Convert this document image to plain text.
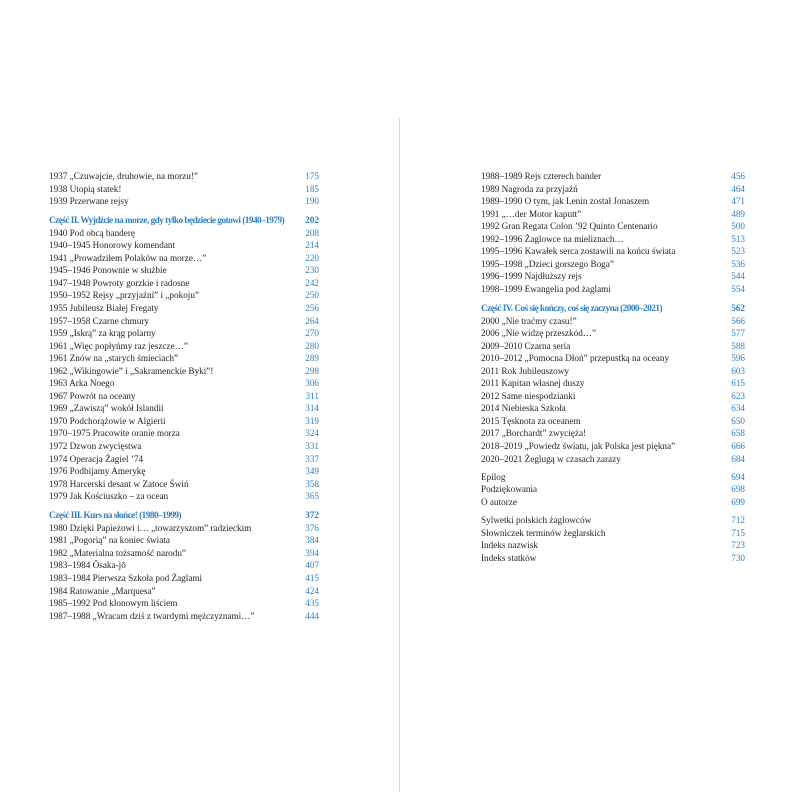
1937 „Czuwajcie, druhowie, na morzu!”	175
1938 Utopią statek!	185
1939 Przerwane rejsy	190
Część II. Wyjdźcie na morze, gdy tylko będziecie gotowi (1940–1979)	202
1940 Pod obcą banderę	208
1940–1945 Honorowy komendant	214
1941 „Prowadziłem Polaków na morze…”	220
1945–1946 Ponownie w służbie	230
1947–1948 Powroty gorzkie i radosne	242
1950–1952 Rejsy „przyjaźni” i „pokoju”	250
1955 Jubileusz Białej Fregaty	256
1957–1958 Czarne chmury	264
1959 „Iskrą” za krąg polarny	270
1961 „Więc popłyńmy raz jeszcze…”	280
1961 Znów na „starych śmieciach”	289
1962 „Wikingowie” i „Sakramenckie Byki”!	298
1963 Arka Noego	306
1967 Powrót na oceany	311
1969 „Zawiszą” wokół Islandii	314
1970 Podchorążowie w Algierii	319
1970–1975 Pracowite oranie morza	324
1972 Dzwon zwycięstwa	331
1974 Operacja Żagiel ’74	337
1976 Podbijamy Amerykę	349
1978 Harcerski desant w Zatoce Świń	358
1979 Jak Kościuszko – za ocean	365
Część III. Kurs na słońce! (1980–1999)	372
1980 Dzięki Papieżowi i… „towarzyszom” radzieckim	376
1981 „Pogorią” na koniec świata	384
1982 „Materialna tożsamość narodu”	394
1983–1984 Ōsaka-jō	407
1983–1984 Pierwsza Szkoła pod Żaglami	415
1984 Ratowanie „Marquesa”	424
1985–1992 Pod klonowym liściem	435
1987–1988 „Wracam dziś z twardymi mężczyznami…”	444
1988–1989 Rejs czterech bander	456
1989 Nagroda za przyjaźń	464
1989–1990 O tym, jak Lenin został Jonaszem	471
1991 „…der Motor kaputt”	489
1992 Gran Regata Colon ’92 Quinto Centenario	500
1992–1996 Żaglowce na mieliznach…	513
1995–1996 Kawałek serca zostawili na końcu świata	523
1995–1998 „Dzieci gorszego Boga”	536
1996–1999 Najdłuższy rejs	544
1998–1999 Ewangelia pod żaglami	554
Część IV. Coś się kończy, coś się zaczyna (2000–2021)	562
2000 „Nie traćmy czasu!”	566
2006 „Nie widzę przeszkód…”	577
2009–2010 Czarna seria	588
2010–2012 „Pomocna Dłoń” przepustką na oceany	596
2011 Rok Jubileuszowy	603
2011 Kapitan własnej duszy	615
2012 Same niespodzianki	623
2014 Niebieska Szkoła	634
2015 Tęsknota za oceanem	650
2017 „Borchardt” zwycięża!	658
2018–2019 „Powiedz światu, jak Polska jest piękna”	666
2020–2021 Żeglugą w czasach zarazy	684
Epilog	694
Podziękowania	698
O autorze	699
Sylwetki polskich żaglowców	712
Słowniczek terminów żeglarskich	715
Indeks nazwisk	723
Indeks statków	730
